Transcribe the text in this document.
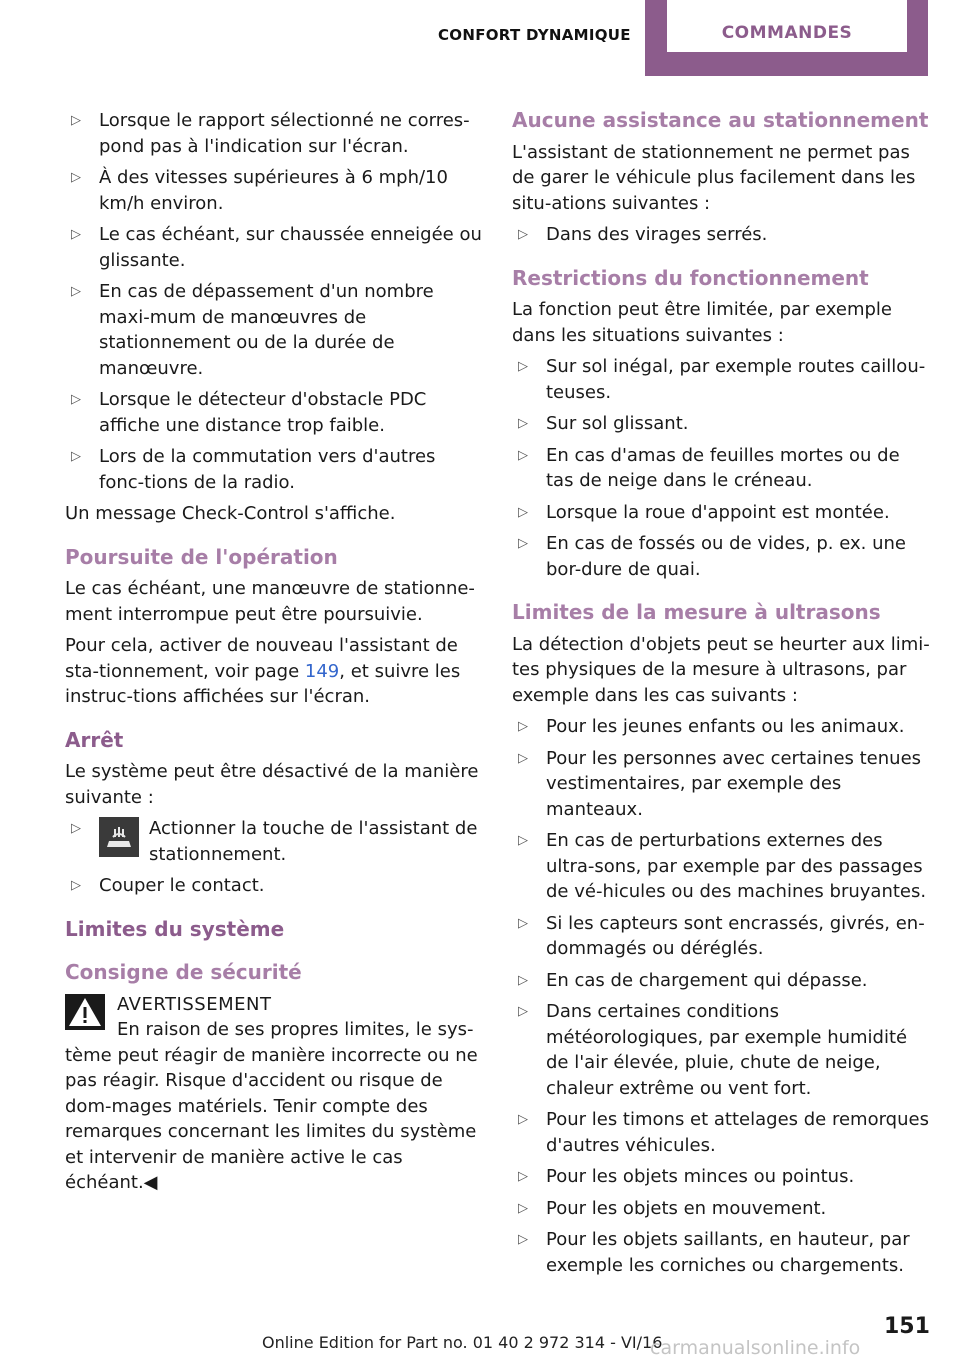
CONFORT DYNAMIQUE	COMMANDES
▷ Lorsque le rapport sélectionné ne corres-pond pas à l'indication sur l'écran.
▷ À des vitesses supérieures à 6 mph/10 km/h environ.
▷ Le cas échéant, sur chaussée enneigée ou glissante.
▷ En cas de dépassement d'un nombre maxi-mum de manœuvres de stationnement ou de la durée de manœuvre.
▷ Lorsque le détecteur d'obstacle PDC affiche une distance trop faible.
▷ Lors de la commutation vers d'autres fonc-tions de la radio.

Un message Check-Control s'affiche.

Poursuite de l'opération

Le cas échéant, une manœuvre de stationne-ment interrompue peut être poursuivie.

Pour cela, activer de nouveau l'assistant de sta-tionnement, voir page 149, et suivre les instruc-tions affichées sur l'écran.

Arrêt

Le système peut être désactivé de la manière suivante :

▷	Actionner la touche de l'assistant de stationnement.
▷ Couper le contact.
Limites du système
Consigne de sécurité
AVERTISSEMENT
En raison de ses propres limites, le sys-
tème peut réagir de manière incorrecte ou ne pas réagir. Risque d'accident ou risque de dom-mages matériels. Tenir compte des remarques concernant les limites du système et intervenir de manière active le cas échéant.◀
Aucune assistance au stationnement

L'assistant de stationnement ne permet pas de garer le véhicule plus facilement dans les situ-ations suivantes :

▷ Dans des virages serrés.
Restrictions du fonctionnement

La fonction peut être limitée, par exemple dans les situations suivantes :

▷ Sur sol inégal, par exemple routes caillou-teuses.
▷ Sur sol glissant.
▷ En cas d'amas de feuilles mortes ou de tas de neige dans le créneau.
▷ Lorsque la roue d'appoint est montée.
▷ En cas de fossés ou de vides, p. ex. une bor-dure de quai.
Limites de la mesure à ultrasons

La détection d'objets peut se heurter aux limi-tes physiques de la mesure à ultrasons, par exemple dans les cas suivants :

▷ Pour les jeunes enfants ou les animaux.
▷ Pour les personnes avec certaines tenues vestimentaires, par exemple des manteaux.
▷ En cas de perturbations externes des ultra-sons, par exemple par des passages de vé-hicules ou des machines bruyantes.
▷ Si les capteurs sont encrassés, givrés, en-dommagés ou déréglés.
▷ En cas de chargement qui dépasse.
▷ Dans certaines conditions météorologiques, par exemple humidité de l'air élevée, pluie, chute de neige, chaleur extrême ou vent fort.
▷ Pour les timons et attelages de remorques d'autres véhicules.
▷ Pour les objets minces ou pointus.
▷ Pour les objets en mouvement.
▷ Pour les objets saillants, en hauteur, par exemple les corniches ou chargements.
151
Online Edition for Part no. 01 40 2 972 314 - VI/16
carmanualsonline.info
